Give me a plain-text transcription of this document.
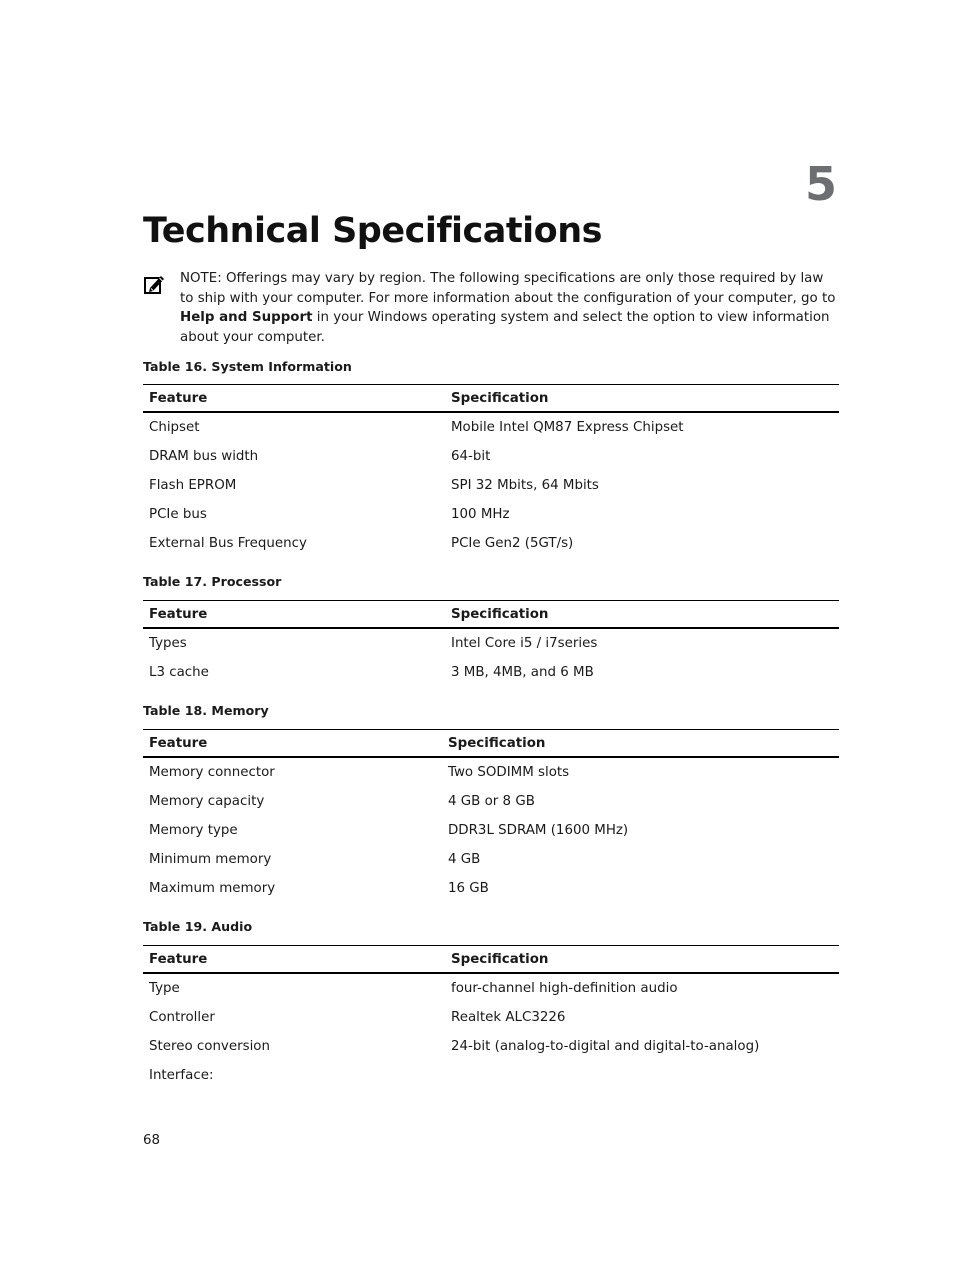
5
Technical Specifications
NOTE: Offerings may vary by region. The following specifications are only those required by law to ship with your computer. For more information about the configuration of your computer, go to Help and Support in your Windows operating system and select the option to view information about your computer.
Table 16. System Information
Feature	Specification
Chipset	Mobile Intel QM87 Express Chipset
DRAM bus width	64-bit
Flash EPROM	SPI 32 Mbits, 64 Mbits
PCIe bus	100 MHz
External Bus Frequency	PCIe Gen2 (5GT/s)
Table 17. Processor
Feature	Specification
Types	Intel Core i5 / i7series
L3 cache	3 MB, 4MB, and 6 MB
Table 18. Memory
Feature	Specification
Memory connector	Two SODIMM slots
Memory capacity	4 GB or 8 GB
Memory type	DDR3L SDRAM (1600 MHz)
Minimum memory	4 GB
Maximum memory	16 GB
Table 19. Audio
Feature	Specification
Type	four-channel high-definition audio
Controller	Realtek ALC3226
Stereo conversion	24-bit (analog-to-digital and digital-to-analog)
Interface:	
68
